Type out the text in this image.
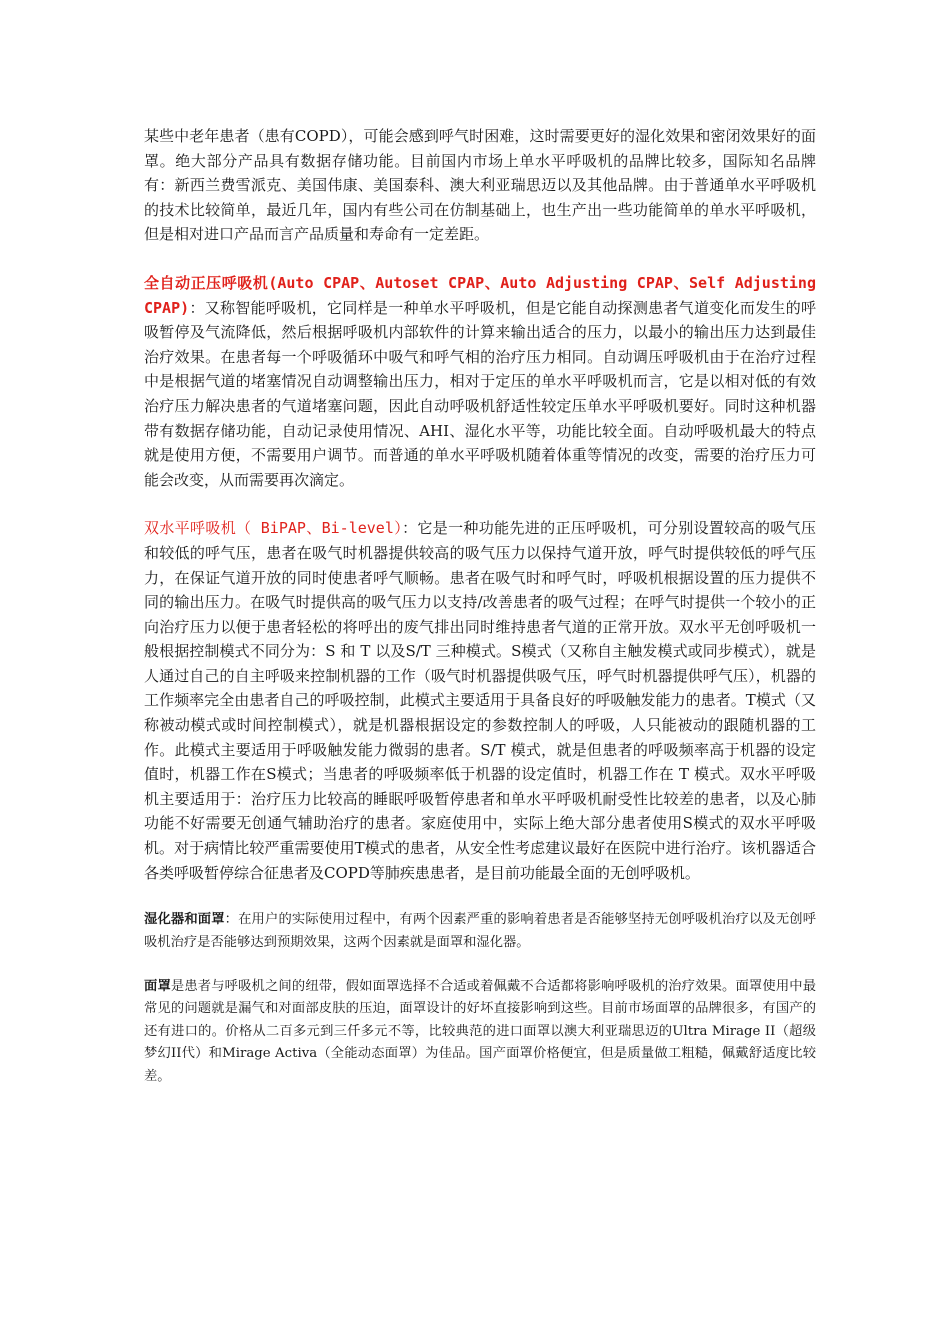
某些中老年患者（患有COPD），可能会感到呼气时困难，这时需要更好的湿化效果和密闭效果好的面罩。绝大部分产品具有数据存储功能。目前国内市场上单水平呼吸机的品牌比较多，国际知名品牌有：新西兰费雪派克、美国伟康、美国泰科、澳大利亚瑞思迈以及其他品牌。由于普通单水平呼吸机的技术比较简单，最近几年，国内有些公司在仿制基础上，也生产出一些功能简单的单水平呼吸机，但是相对进口产品而言产品质量和寿命有一定差距。

全自动正压呼吸机(Auto CPAP、Autoset CPAP、Auto Adjusting CPAP、Self Adjusting CPAP)：又称智能呼吸机，它同样是一种单水平呼吸机，但是它能自动探测患者气道变化而发生的呼吸暂停及气流降低，然后根据呼吸机内部软件的计算来输出适合的压力，以最小的输出压力达到最佳治疗效果。在患者每一个呼吸循环中吸气和呼气相的治疗压力相同。自动调压呼吸机由于在治疗过程中是根据气道的堵塞情况自动调整输出压力，相对于定压的单水平呼吸机而言，它是以相对低的有效治疗压力解决患者的气道堵塞问题，因此自动呼吸机舒适性较定压单水平呼吸机要好。同时这种机器带有数据存储功能，自动记录使用情况、AHI、湿化水平等，功能比较全面。自动呼吸机最大的特点就是使用方便，不需要用户调节。而普通的单水平呼吸机随着体重等情况的改变，需要的治疗压力可能会改变，从而需要再次滴定。

双水平呼吸机（ BiPAP、Bi-level）：它是一种功能先进的正压呼吸机，可分别设置较高的吸气压和较低的呼气压，患者在吸气时机器提供较高的吸气压力以保持气道开放，呼气时提供较低的呼气压力，在保证气道开放的同时使患者呼气顺畅。患者在吸气时和呼气时，呼吸机根据设置的压力提供不同的输出压力。在吸气时提供高的吸气压力以支持/改善患者的吸气过程；在呼气时提供一个较小的正向治疗压力以便于患者轻松的将呼出的废气排出同时维持患者气道的正常开放。双水平无创呼吸机一般根据控制模式不同分为：S 和 T 以及S/T 三种模式。S模式（又称自主触发模式或同步模式），就是人通过自己的自主呼吸来控制机器的工作（吸气时机器提供吸气压，呼气时机器提供呼气压），机器的工作频率完全由患者自己的呼吸控制，此模式主要适用于具备良好的呼吸触发能力的患者。T模式（又称被动模式或时间控制模式），就是机器根据设定的参数控制人的呼吸，人只能被动的跟随机器的工作。此模式主要适用于呼吸触发能力微弱的患者。S/T 模式，就是但患者的呼吸频率高于机器的设定值时，机器工作在S模式；当患者的呼吸频率低于机器的设定值时，机器工作在 T 模式。双水平呼吸机主要适用于：治疗压力比较高的睡眠呼吸暂停患者和单水平呼吸机耐受性比较差的患者，以及心肺功能不好需要无创通气辅助治疗的患者。家庭使用中，实际上绝大部分患者使用S模式的双水平呼吸机。对于病情比较严重需要使用T模式的患者，从安全性考虑建议最好在医院中进行治疗。该机器适合各类呼吸暂停综合征患者及COPD等肺疾患患者，是目前功能最全面的无创呼吸机。

湿化器和面罩：在用户的实际使用过程中，有两个因素严重的影响着患者是否能够坚持无创呼吸机治疗以及无创呼吸机治疗是否能够达到预期效果，这两个因素就是面罩和湿化器。

面罩是患者与呼吸机之间的纽带，假如面罩选择不合适或着佩戴不合适都将影响呼吸机的治疗效果。面罩使用中最常见的问题就是漏气和对面部皮肤的压迫，面罩设计的好坏直接影响到这些。目前市场面罩的品牌很多，有国产的还有进口的。价格从二百多元到三仟多元不等，比较典范的进口面罩以澳大利亚瑞思迈的Ultra Mirage II（超级梦幻II代）和Mirage Activa（全能动态面罩）为佳品。国产面罩价格便宜，但是质量做工粗糙，佩戴舒适度比较差。
